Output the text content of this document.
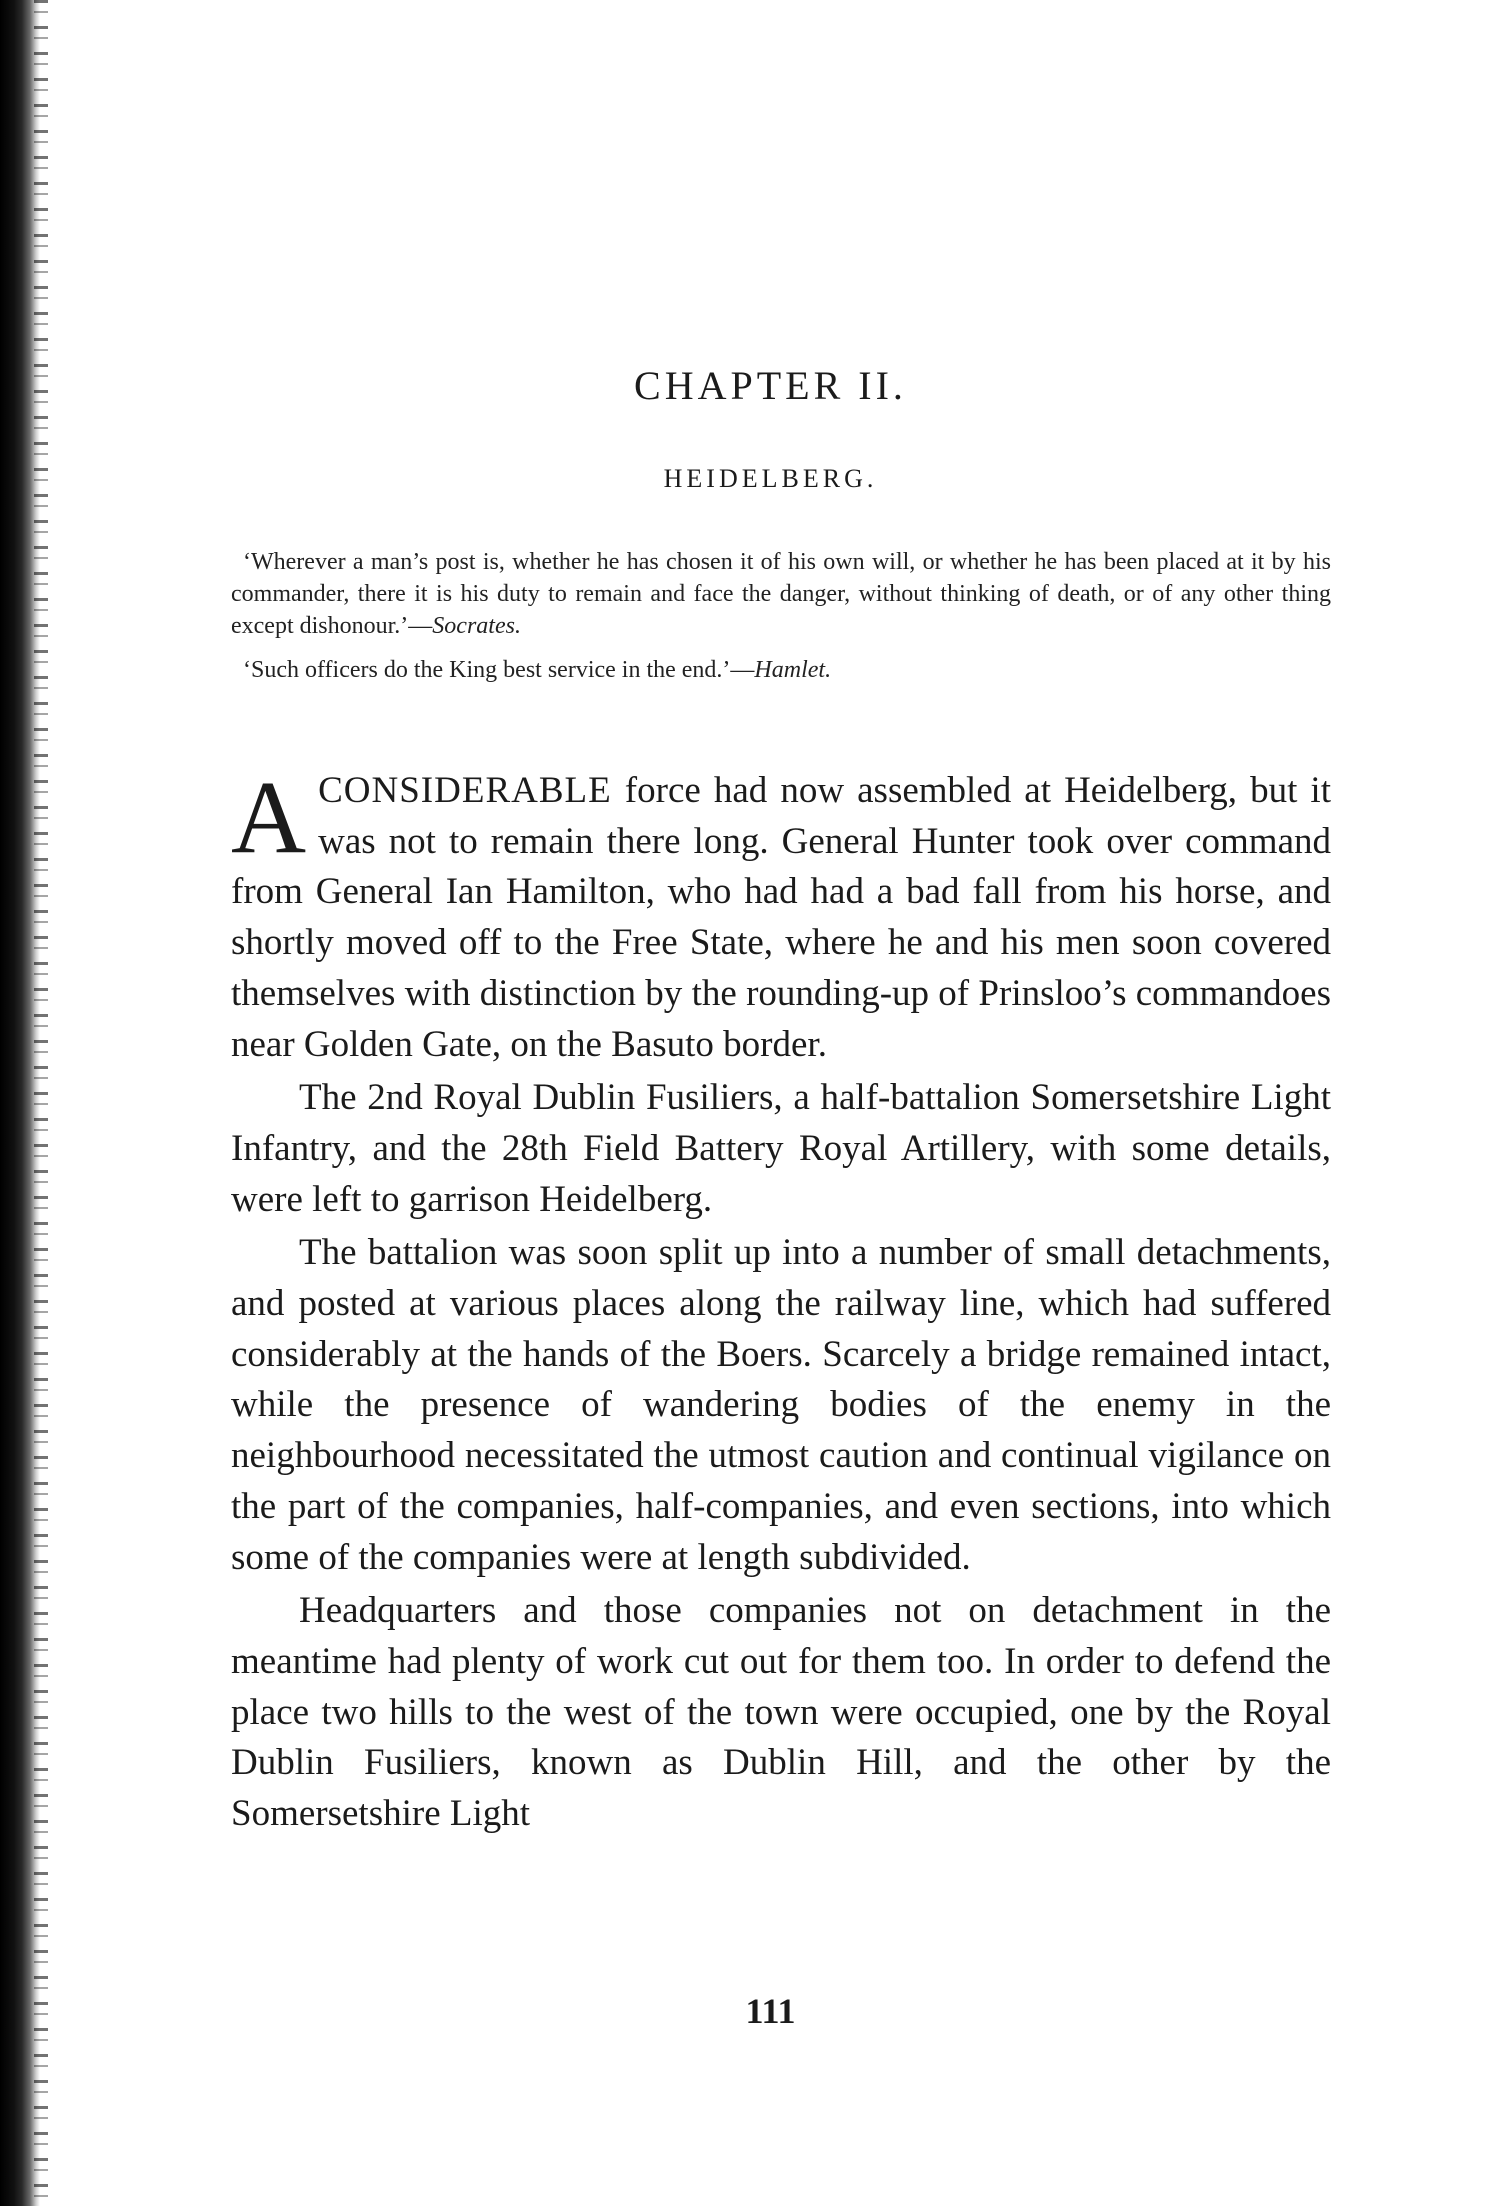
CHAPTER II.
HEIDELBERG.

‘Wherever a man’s post is, whether he has chosen it of his own will, or whether he has been placed at it by his commander, there it is his duty to remain and face the danger, without thinking of death, or of any other thing except dishonour.’—Socrates.

‘Such officers do the King best service in the end.’—Hamlet.

ACONSIDERABLE force had now assembled at Heidelberg, but it was not to remain there long. General Hunter took over command from General Ian Hamilton, who had had a bad fall from his horse, and shortly moved off to the Free State, where he and his men soon covered themselves with distinction by the rounding-up of Prinsloo’s commandoes near Golden Gate, on the Basuto border.

The 2nd Royal Dublin Fusiliers, a half-battalion Somersetshire Light Infantry, and the 28th Field Battery Royal Artillery, with some details, were left to garrison Heidelberg.

The battalion was soon split up into a number of small detachments, and posted at various places along the railway line, which had suffered considerably at the hands of the Boers. Scarcely a bridge remained intact, while the presence of wandering bodies of the enemy in the neighbourhood necessitated the utmost caution and continual vigilance on the part of the companies, half-companies, and even sections, into which some of the companies were at length subdivided.

Headquarters and those companies not on detachment in the meantime had plenty of work cut out for them too. In order to defend the place two hills to the west of the town were occupied, one by the Royal Dublin Fusiliers, known as Dublin Hill, and the other by the Somersetshire Light

111
